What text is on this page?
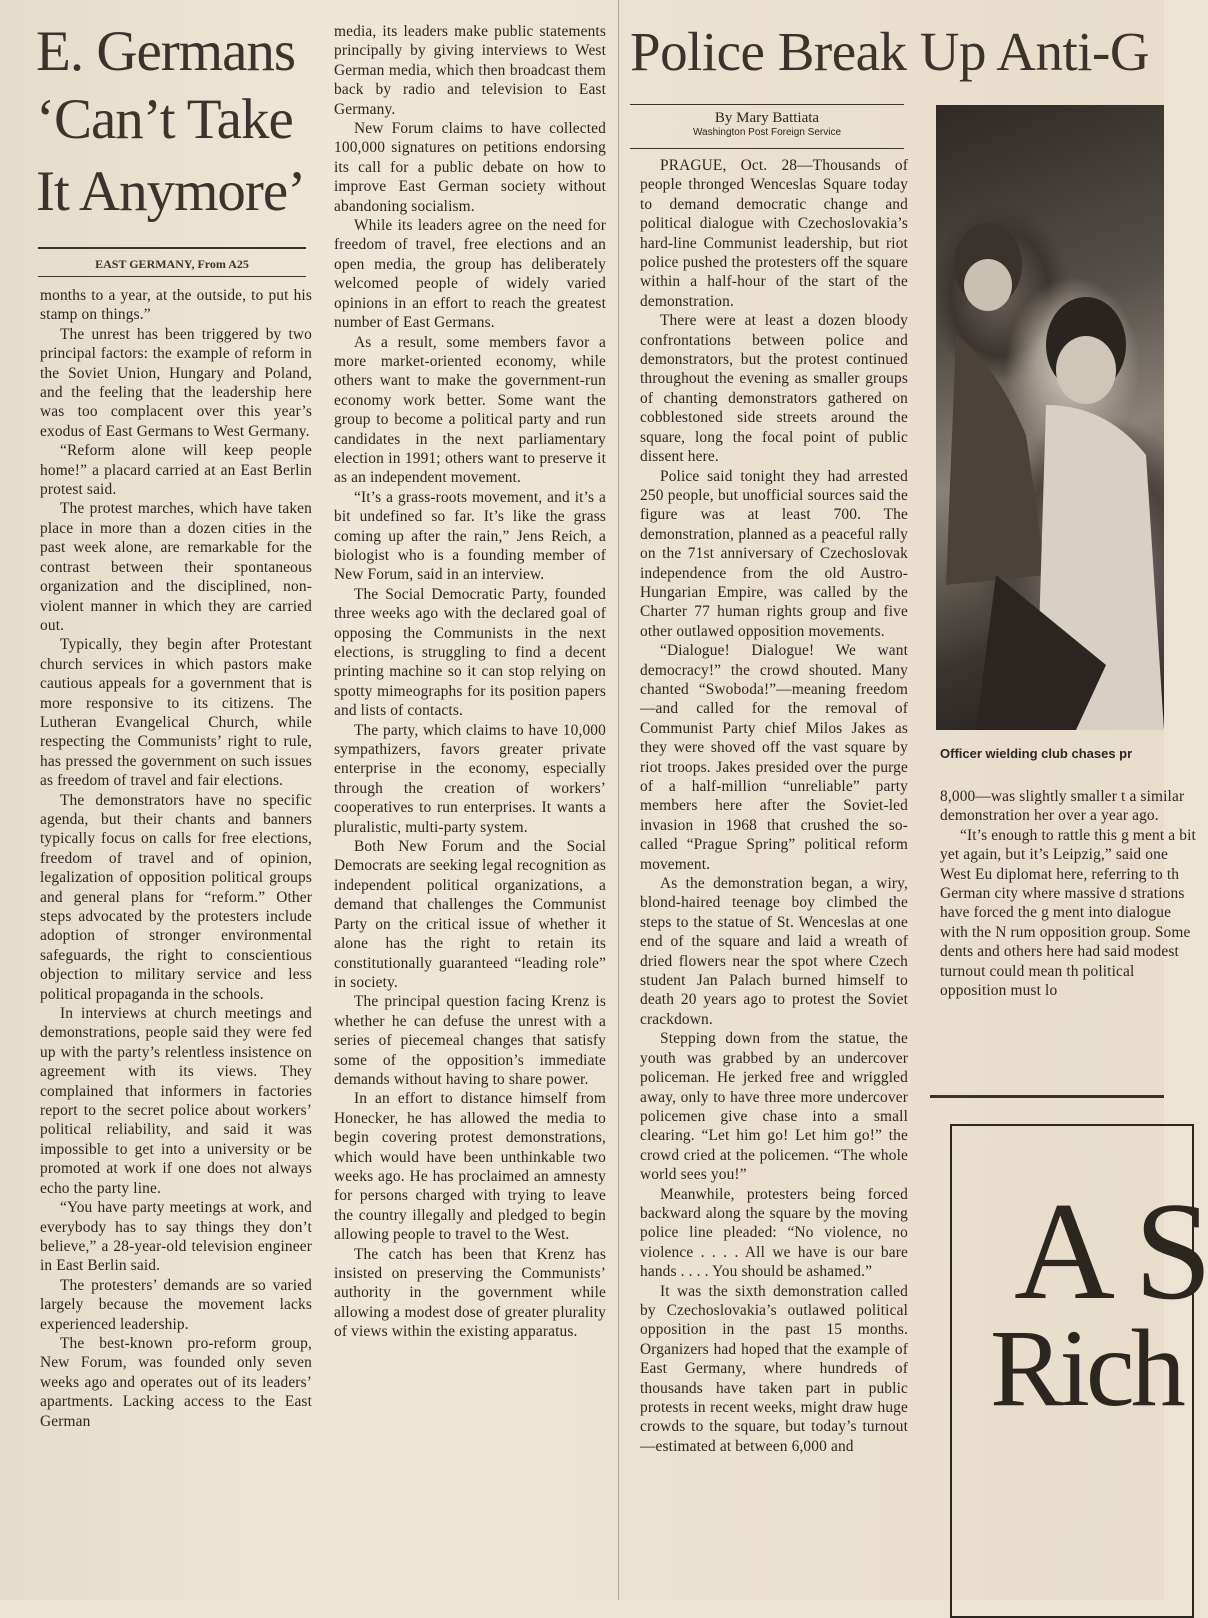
E. Germans
‘Can’t Take
It Anymore’
EAST GERMANY, From A25

months to a year, at the outside, to put his stamp on things.”

The unrest has been triggered by two principal factors: the example of reform in the Soviet Union, Hungary and Poland, and the feeling that the leadership here was too complacent over this year’s exodus of East Germans to West Germany.

“Reform alone will keep people home!” a placard carried at an East Berlin protest said.

The protest marches, which have taken place in more than a dozen cities in the past week alone, are remarkable for the contrast between their spontaneous organization and the disciplined, non-violent manner in which they are carried out.

Typically, they begin after Protestant church services in which pastors make cautious appeals for a government that is more responsive to its citizens. The Lutheran Evangelical Church, while respecting the Communists’ right to rule, has pressed the government on such issues as freedom of travel and fair elections.

The demonstrators have no specific agenda, but their chants and banners typically focus on calls for free elections, freedom of travel and of opinion, legalization of opposition political groups and general plans for “reform.” Other steps advocated by the protesters include adoption of stronger environmental safeguards, the right to conscientious objection to military service and less political propaganda in the schools.

In interviews at church meetings and demonstrations, people said they were fed up with the party’s relentless insistence on agreement with its views. They complained that informers in factories report to the secret police about workers’ political reliability, and said it was impossible to get into a university or be promoted at work if one does not always echo the party line.

“You have party meetings at work, and everybody has to say things they don’t believe,” a 28-year-old television engineer in East Berlin said.

The protesters’ demands are so varied largely because the movement lacks experienced leadership.

The best-known pro-reform group, New Forum, was founded only seven weeks ago and operates out of its leaders’ apartments. Lacking access to the East German

media, its leaders make public statements principally by giving interviews to West German media, which then broadcast them back by radio and television to East Germany.

New Forum claims to have collected 100,000 signatures on petitions endorsing its call for a public debate on how to improve East German society without abandoning socialism.

While its leaders agree on the need for freedom of travel, free elections and an open media, the group has deliberately welcomed people of widely varied opinions in an effort to reach the greatest number of East Germans.

As a result, some members favor a more market-oriented economy, while others want to make the government-run economy work better. Some want the group to become a political party and run candidates in the next parliamentary election in 1991; others want to preserve it as an independent movement.

“It’s a grass-roots movement, and it’s a bit undefined so far. It’s like the grass coming up after the rain,” Jens Reich, a biologist who is a founding member of New Forum, said in an interview.

The Social Democratic Party, founded three weeks ago with the declared goal of opposing the Communists in the next elections, is struggling to find a decent printing machine so it can stop relying on spotty mimeographs for its position papers and lists of contacts.

The party, which claims to have 10,000 sympathizers, favors greater private enterprise in the economy, especially through the creation of workers’ cooperatives to run enterprises. It wants a pluralistic, multi-party system.

Both New Forum and the Social Democrats are seeking legal recognition as independent political organizations, a demand that challenges the Communist Party on the critical issue of whether it alone has the right to retain its constitutionally guaranteed “leading role” in society.

The principal question facing Krenz is whether he can defuse the unrest with a series of piecemeal changes that satisfy some of the opposition’s immediate demands without having to share power.

In an effort to distance himself from Honecker, he has allowed the media to begin covering protest demonstrations, which would have been unthinkable two weeks ago. He has proclaimed an amnesty for persons charged with trying to leave the country illegally and pledged to begin allowing people to travel to the West.

The catch has been that Krenz has insisted on preserving the Communists’ authority in the government while allowing a modest dose of greater plurality of views within the existing apparatus.

Police Break Up Anti-G
By Mary Battiata
Washington Post Foreign Service

PRAGUE, Oct. 28—Thousands of people thronged Wenceslas Square today to demand democratic change and political dialogue with Czechoslovakia’s hard-line Communist leadership, but riot police pushed the protesters off the square within a half-hour of the start of the demonstration.

There were at least a dozen bloody confrontations between police and demonstrators, but the protest continued throughout the evening as smaller groups of chanting demonstrators gathered on cobblestoned side streets around the square, long the focal point of public dissent here.

Police said tonight they had arrested 250 people, but unofficial sources said the figure was at least 700. The demonstration, planned as a peaceful rally on the 71st anniversary of Czechoslovak independence from the old Austro-Hungarian Empire, was called by the Charter 77 human rights group and five other outlawed opposition movements.

“Dialogue! Dialogue! We want democracy!” the crowd shouted. Many chanted “Swoboda!”—meaning freedom—and called for the removal of Communist Party chief Milos Jakes as they were shoved off the vast square by riot troops. Jakes presided over the purge of a half-million “unreliable” party members here after the Soviet-led invasion in 1968 that crushed the so-called “Prague Spring” political reform movement.

As the demonstration began, a wiry, blond-haired teenage boy climbed the steps to the statue of St. Wenceslas at one end of the square and laid a wreath of dried flowers near the spot where Czech student Jan Palach burned himself to death 20 years ago to protest the Soviet crackdown.

Stepping down from the statue, the youth was grabbed by an undercover policeman. He jerked free and wriggled away, only to have three more undercover policemen give chase into a small clearing. “Let him go! Let him go!” the crowd cried at the policemen. “The whole world sees you!”

Meanwhile, protesters being forced backward along the square by the moving police line pleaded: “No violence, no violence . . . . All we have is our bare hands . . . . You should be ashamed.”

It was the sixth demonstration called by Czechoslovakia’s outlawed political opposition in the past 15 months. Organizers had hoped that the example of East Germany, where hundreds of thousands have taken part in public protests in recent weeks, might draw huge crowds to the square, but today’s turnout—estimated at between 6,000 and

Officer wielding club chases pr

8,000—was slightly smaller t a similar demonstration her over a year ago.

“It’s enough to rattle this g ment a bit yet again, but it’s Leipzig,” said one West Eu diplomat here, referring to th German city where massive d strations have forced the g ment into dialogue with the N rum opposition group. Some dents and others here had said modest turnout could mean th political opposition must lo

A S
Rich
